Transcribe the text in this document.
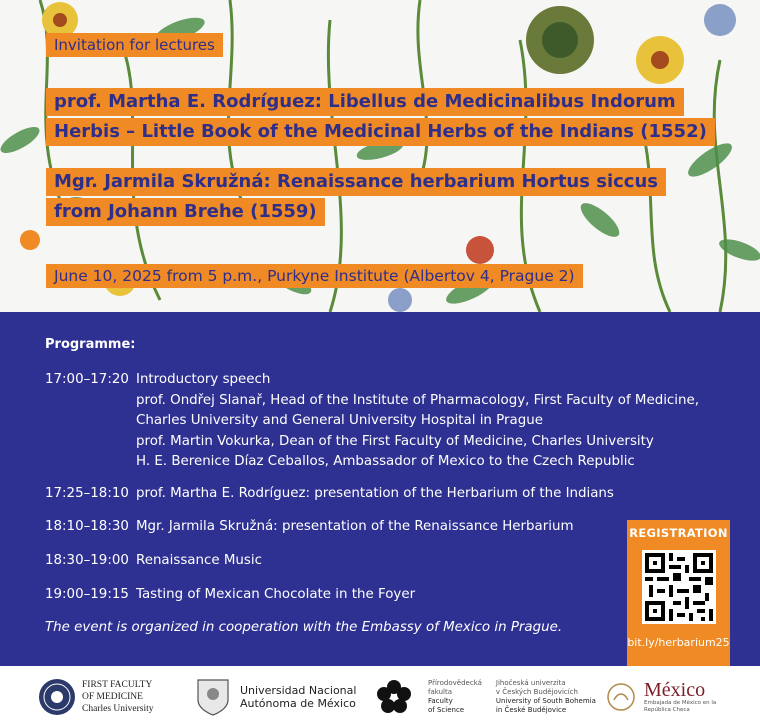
Invitation for lectures
prof. Martha E. Rodríguez: Libellus de Medicinalibus Indorum
Herbis – Little Book of the Medicinal Herbs of the Indians (1552)
Mgr. Jarmila Skružná: Renaissance herbarium Hortus siccus
from Johann Brehe (1559)
June 10, 2025 from 5 p.m., Purkyne Institute (Albertov 4, Prague 2)
Programme:
17:00–17:20 Introductory speech
prof. Ondřej Slanař, Head of the Institute of Pharmacology, First Faculty of Medicine,
Charles University and General University Hospital in Prague
prof. Martin Vokurka, Dean of the First Faculty of Medicine, Charles University
H. E. Berenice Díaz Ceballos, Ambassador of Mexico to the Czech Republic
17:25–18:10 prof. Martha E. Rodríguez: presentation of the Herbarium of the Indians
18:10–18:30 Mgr. Jarmila Skružná: presentation of the Renaissance Herbarium
18:30–19:00 Renaissance Music
19:00–19:15 Tasting of Mexican Chocolate in the Foyer
The event is organized in cooperation with the Embassy of Mexico in Prague.
REGISTRATION
bit.ly/herbarium25
FIRST FACULTY
OF MEDICINE
Charles University
Universidad Nacional
Autónoma de México
Přírodovědecká
fakulta
Faculty
of Science
Jihočeská univerzita
v Českých Budějovicích
University of South Bohemia
in České Budějovice
México
Embajada de México en la
República Checa
